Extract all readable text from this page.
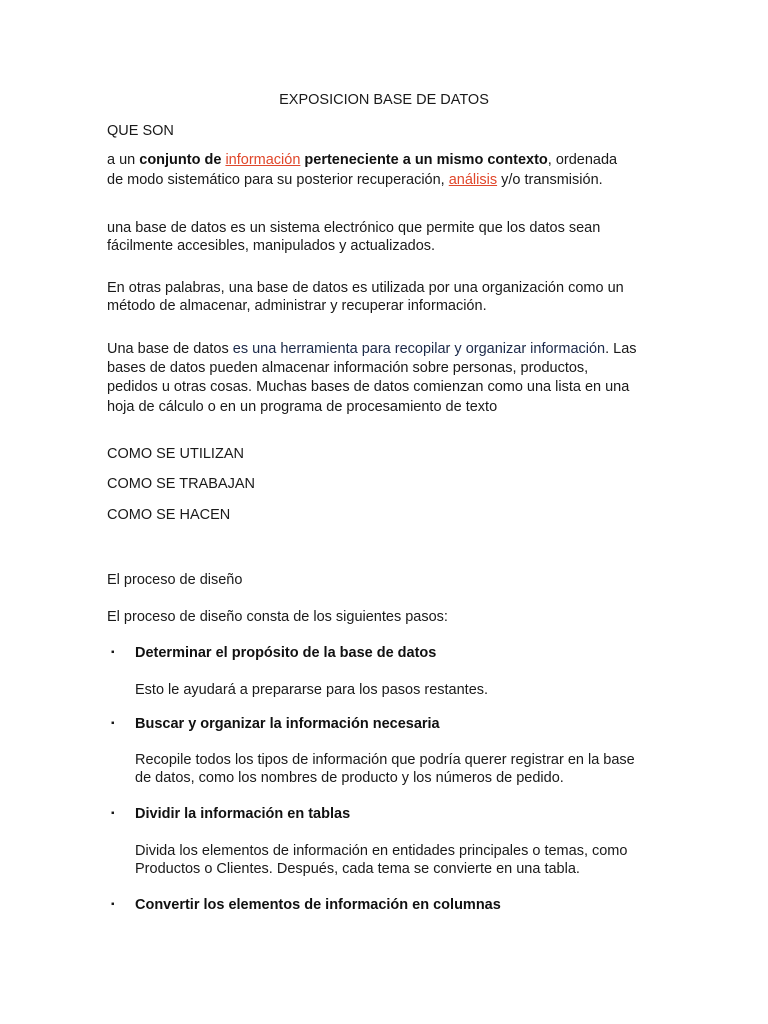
EXPOSICION BASE DE DATOS
QUE SON
a un conjunto de información perteneciente a un mismo contexto, ordenada
de modo sistemático para su posterior recuperación, análisis y/o transmisión.
una base de datos es un sistema electrónico que permite que los datos sean
fácilmente accesibles, manipulados y actualizados.
En otras palabras, una base de datos es utilizada por una organización como un
método de almacenar, administrar y recuperar información.
Una base de datos es una herramienta para recopilar y organizar información. Las
bases de datos pueden almacenar información sobre personas, productos,
pedidos u otras cosas. Muchas bases de datos comienzan como una lista en una
hoja de cálculo o en un programa de procesamiento de texto
COMO SE UTILIZAN
COMO SE TRABAJAN
COMO SE HACEN
El proceso de diseño
El proceso de diseño consta de los siguientes pasos:
▪ Determinar el propósito de la base de datos
Esto le ayudará a prepararse para los pasos restantes.
▪ Buscar y organizar la información necesaria
Recopile todos los tipos de información que podría querer registrar en la base
de datos, como los nombres de producto y los números de pedido.
▪ Dividir la información en tablas
Divida los elementos de información en entidades principales o temas, como
Productos o Clientes. Después, cada tema se convierte en una tabla.
▪ Convertir los elementos de información en columnas
